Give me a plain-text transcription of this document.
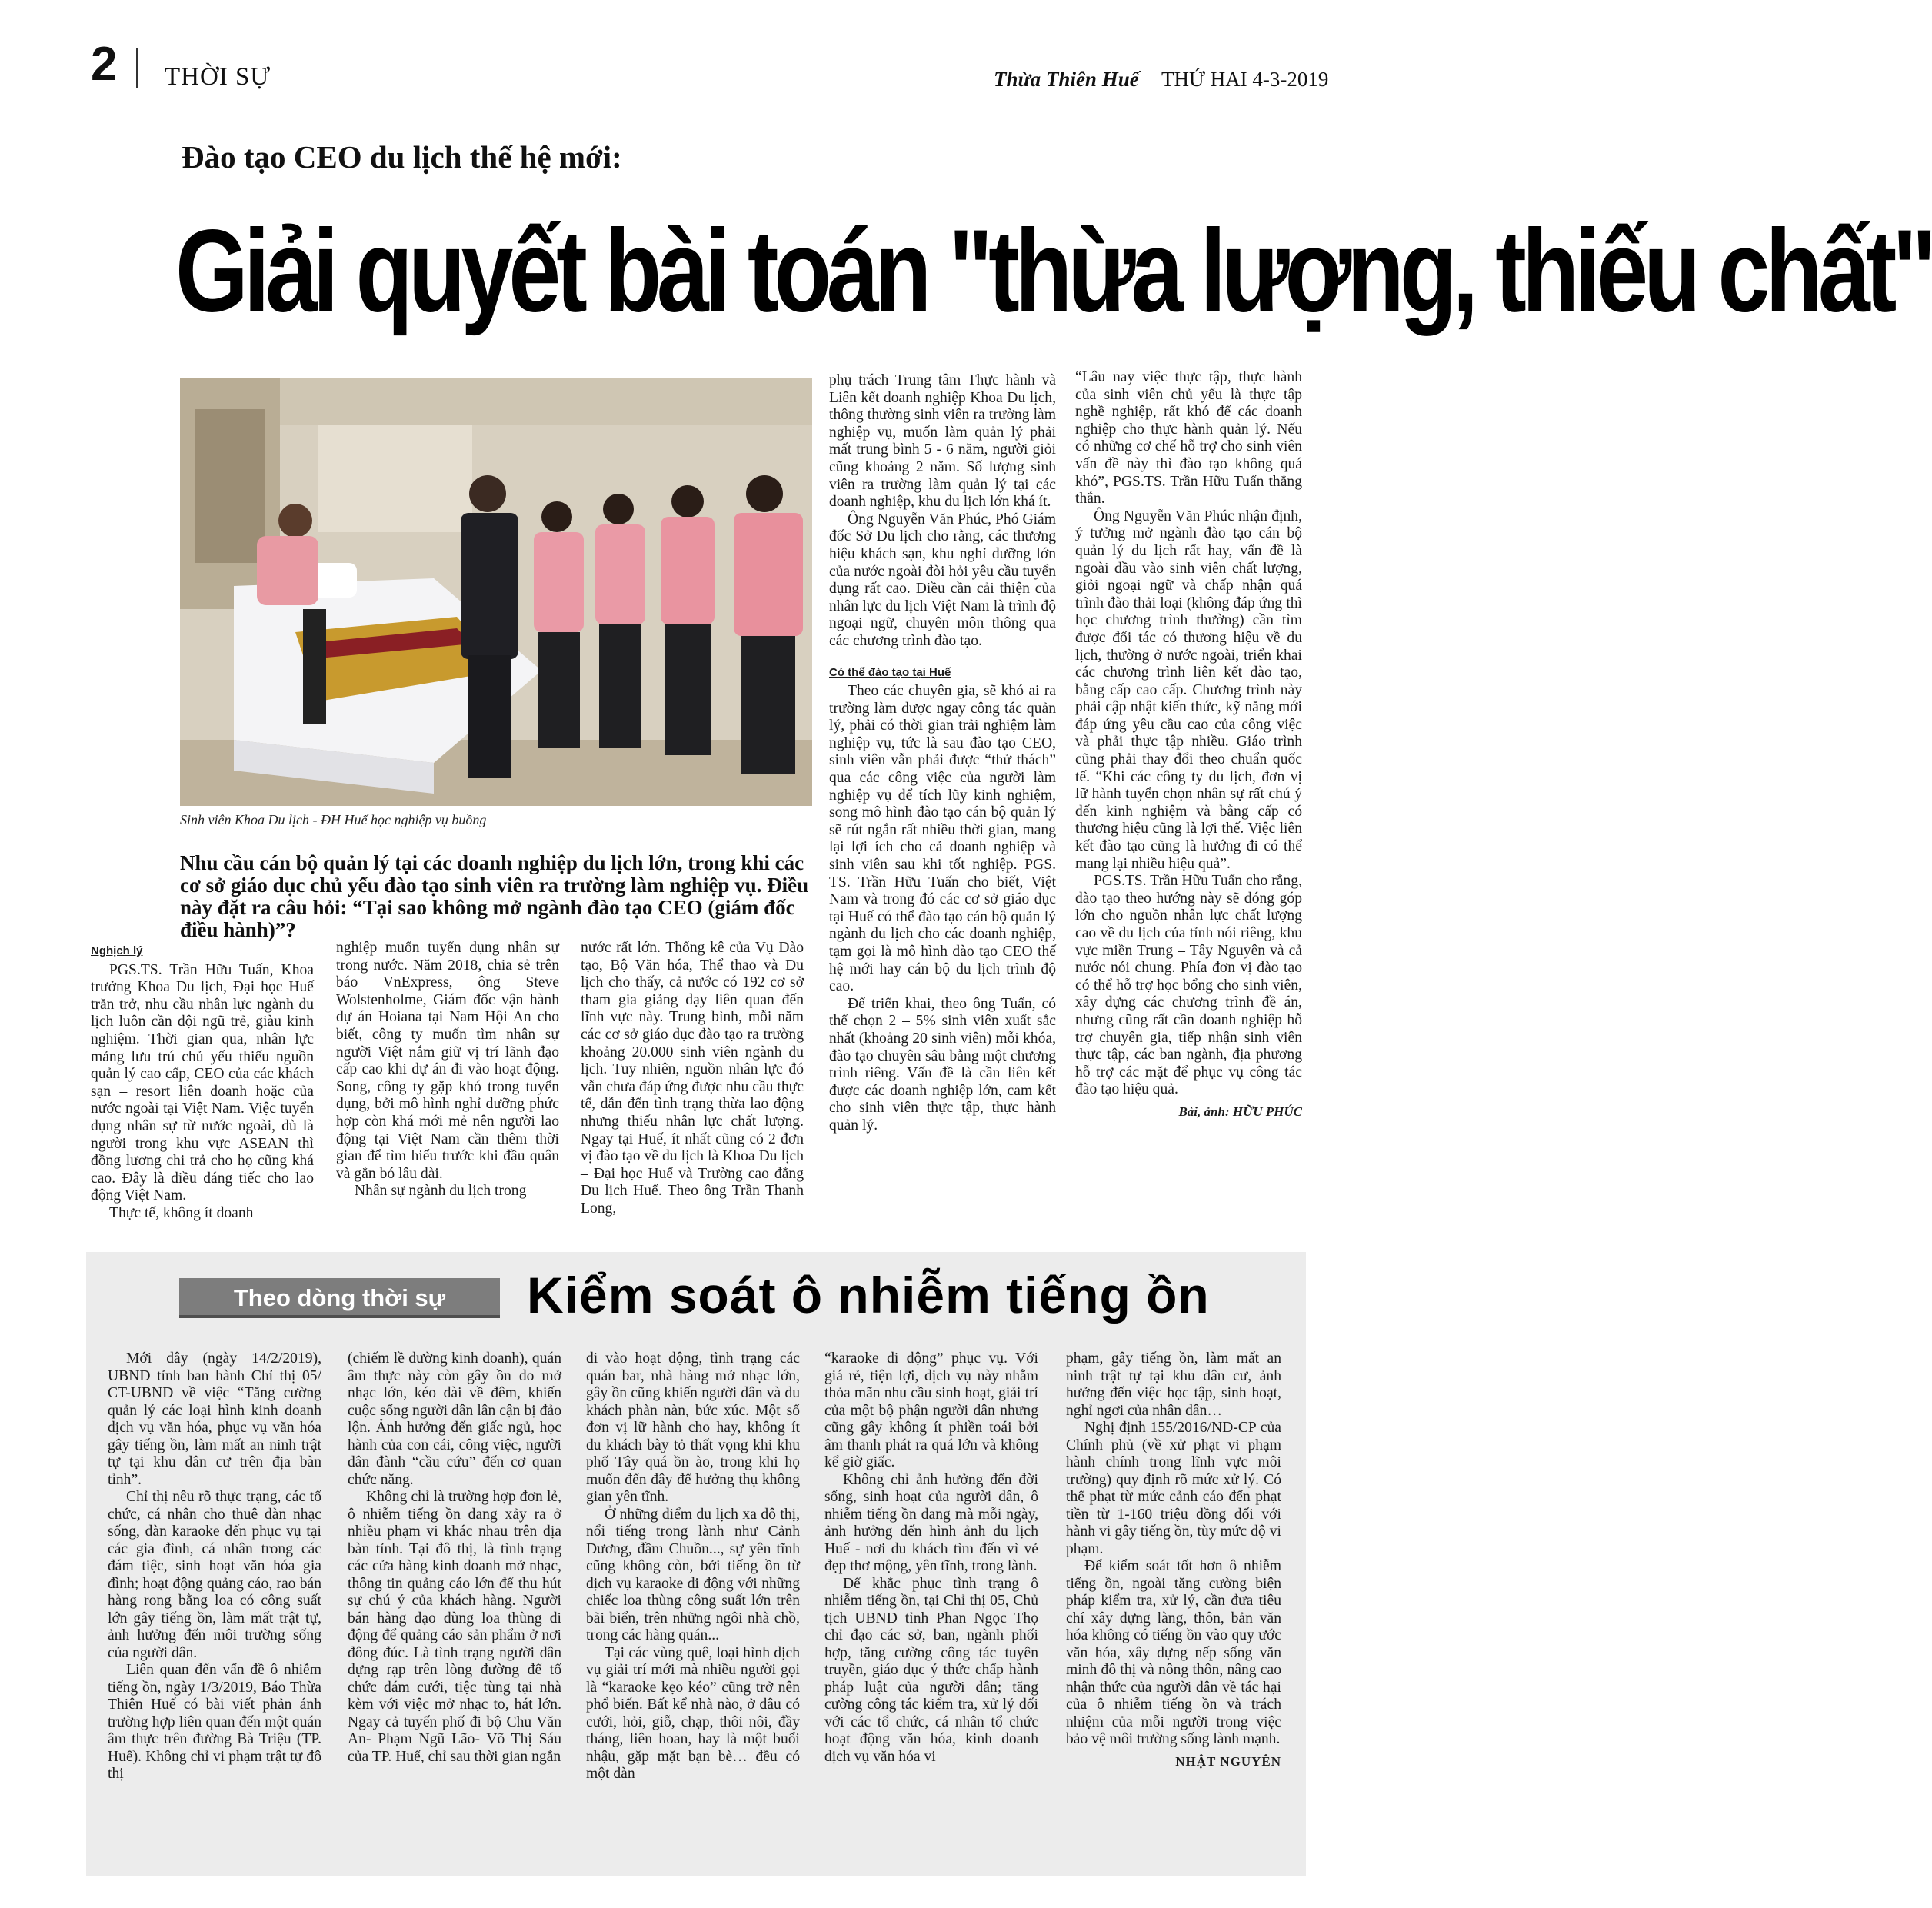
2 THỜI SỰ	Thừa Thiên Huế THỨ HAI 4-3-2019
Đào tạo CEO du lịch thế hệ mới:
Giải quyết bài toán "thừa lượng, thiếu chất"
Sinh viên Khoa Du lịch - ĐH Huế học nghiệp vụ buồng
Nhu cầu cán bộ quản lý tại các doanh nghiệp du lịch lớn, trong khi các cơ sở giáo dục chủ yếu đào tạo sinh viên ra trường làm nghiệp vụ. Điều này đặt ra câu hỏi: “Tại sao không mở ngành đào tạo CEO (giám đốc điều hành)”?

Nghịch lý

PGS.TS. Trần Hữu Tuấn, Khoa trưởng Khoa Du lịch, Đại học Huế trăn trở, nhu cầu nhân lực ngành du lịch luôn cần đội ngũ trẻ, giàu kinh nghiệm. Thời gian qua, nhân lực mảng lưu trú chủ yếu thiếu nguồn quản lý cao cấp, CEO của các khách sạn – resort liên doanh hoặc của nước ngoài tại Việt Nam. Việc tuyển dụng nhân sự từ nước ngoài, dù là người trong khu vực ASEAN thì đồng lương chi trả cho họ cũng khá cao. Đây là điều đáng tiếc cho lao động Việt Nam.

Thực tế, không ít doanh

nghiệp muốn tuyển dụng nhân sự trong nước. Năm 2018, chia sẻ trên báo VnExpress, ông Steve Wolstenholme, Giám đốc vận hành dự án Hoiana tại Nam Hội An cho biết, công ty muốn tìm nhân sự người Việt nắm giữ vị trí lãnh đạo cấp cao khi dự án đi vào hoạt động. Song, công ty gặp khó trong tuyển dụng, bởi mô hình nghỉ dưỡng phức hợp còn khá mới mẻ nên người lao động tại Việt Nam cần thêm thời gian để tìm hiểu trước khi đầu quân và gắn bó lâu dài.

Nhân sự ngành du lịch trong

nước rất lớn. Thống kê của Vụ Đào tạo, Bộ Văn hóa, Thể thao và Du lịch cho thấy, cả nước có 192 cơ sở tham gia giảng dạy liên quan đến lĩnh vực này. Trung bình, mỗi năm các cơ sở giáo dục đào tạo ra trường khoảng 20.000 sinh viên ngành du lịch. Tuy nhiên, nguồn nhân lực đó vẫn chưa đáp ứng được nhu cầu thực tế, dẫn đến tình trạng thừa lao động nhưng thiếu nhân lực chất lượng. Ngay tại Huế, ít nhất cũng có 2 đơn vị đào tạo về du lịch là Khoa Du lịch – Đại học Huế và Trường cao đẳng Du lịch Huế. Theo ông Trần Thanh Long,

phụ trách Trung tâm Thực hành và Liên kết doanh nghiệp Khoa Du lịch, thông thường sinh viên ra trường làm nghiệp vụ, muốn làm quản lý phải mất trung bình 5 - 6 năm, người giỏi cũng khoảng 2 năm. Số lượng sinh viên ra trường làm quản lý tại các doanh nghiệp, khu du lịch lớn khá ít.

Ông Nguyễn Văn Phúc, Phó Giám đốc Sở Du lịch cho rằng, các thương hiệu khách sạn, khu nghỉ dưỡng lớn của nước ngoài đòi hỏi yêu cầu tuyển dụng rất cao. Điều cần cải thiện của nhân lực du lịch Việt Nam là trình độ ngoại ngữ, chuyên môn thông qua các chương trình đào tạo.

Có thể đào tạo tại Huế

Theo các chuyên gia, sẽ khó ai ra trường làm được ngay công tác quản lý, phải có thời gian trải nghiệm làm nghiệp vụ, tức là sau đào tạo CEO, sinh viên vẫn phải được “thử thách” qua các công việc của người làm nghiệp vụ để tích lũy kinh nghiệm, song mô hình đào tạo cán bộ quản lý sẽ rút ngắn rất nhiều thời gian, mang lại lợi ích cho cả doanh nghiệp và sinh viên sau khi tốt nghiệp. PGS. TS. Trần Hữu Tuấn cho biết, Việt Nam và trong đó các cơ sở giáo dục tại Huế có thể đào tạo cán bộ quản lý ngành du lịch cho các doanh nghiệp, tạm gọi là mô hình đào tạo CEO thế hệ mới hay cán bộ du lịch trình độ cao.

Để triển khai, theo ông Tuấn, có thể chọn 2 – 5% sinh viên xuất sắc nhất (khoảng 20 sinh viên) mỗi khóa, đào tạo chuyên sâu bằng một chương trình riêng. Vấn đề là cần liên kết được các doanh nghiệp lớn, cam kết cho sinh viên thực tập, thực hành quản lý.

“Lâu nay việc thực tập, thực hành của sinh viên chủ yếu là thực tập nghề nghiệp, rất khó để các doanh nghiệp cho thực hành quản lý. Nếu có những cơ chế hỗ trợ cho sinh viên vấn đề này thì đào tạo không quá khó”, PGS.TS. Trần Hữu Tuấn thẳng thắn.

Ông Nguyễn Văn Phúc nhận định, ý tưởng mở ngành đào tạo cán bộ quản lý du lịch rất hay, vấn đề là ngoài đầu vào sinh viên chất lượng, giỏi ngoại ngữ và chấp nhận quá trình đào thải loại (không đáp ứng thì học chương trình thường) cần tìm được đối tác có thương hiệu về du lịch, thường ở nước ngoài, triển khai các chương trình liên kết đào tạo, bằng cấp cao cấp. Chương trình này phải cập nhật kiến thức, kỹ năng mới đáp ứng yêu cầu cao của công việc và phải thực tập nhiều. Giáo trình cũng phải thay đổi theo chuẩn quốc tế. “Khi các công ty du lịch, đơn vị lữ hành tuyển chọn nhân sự rất chú ý đến kinh nghiệm và bằng cấp có thương hiệu cũng là lợi thế. Việc liên kết đào tạo cũng là hướng đi có thể mang lại nhiều hiệu quả”.

PGS.TS. Trần Hữu Tuấn cho rằng, đào tạo theo hướng này sẽ đóng góp lớn cho nguồn nhân lực chất lượng cao về du lịch của tỉnh nói riêng, khu vực miền Trung – Tây Nguyên và cả nước nói chung. Phía đơn vị đào tạo có thể hỗ trợ học bổng cho sinh viên, xây dựng các chương trình đề án, nhưng cũng rất cần doanh nghiệp hỗ trợ chuyên gia, tiếp nhận sinh viên thực tập, các ban ngành, địa phương hỗ trợ các mặt để phục vụ công tác đào tạo hiệu quả.

Bài, ảnh: HỮU PHÚC

Theo dòng thời sự	Kiểm soát ô nhiễm tiếng ồn

Mới đây (ngày 14/2/2019), UBND tỉnh ban hành Chỉ thị 05/ CT-UBND về việc “Tăng cường quản lý các loại hình kinh doanh dịch vụ văn hóa, phục vụ văn hóa gây tiếng ồn, làm mất an ninh trật tự tại khu dân cư trên địa bàn tỉnh”.

Chỉ thị nêu rõ thực trạng, các tổ chức, cá nhân cho thuê dàn nhạc sống, dàn karaoke đến phục vụ tại các gia đình, cá nhân trong các đám tiệc, sinh hoạt văn hóa gia đình; hoạt động quảng cáo, rao bán hàng rong bằng loa có công suất lớn gây tiếng ồn, làm mất trật tự, ảnh hưởng đến môi trường sống của người dân.

Liên quan đến vấn đề ô nhiễm tiếng ồn, ngày 1/3/2019, Báo Thừa Thiên Huế có bài viết phản ánh trường hợp liên quan đến một quán âm thực trên đường Bà Triệu (TP. Huế). Không chỉ vi phạm trật tự đô thị

(chiếm lề đường kinh doanh), quán âm thực này còn gây ồn do mở nhạc lớn, kéo dài về đêm, khiến cuộc sống người dân lân cận bị đảo lộn. Ảnh hưởng đến giấc ngủ, học hành của con cái, công việc, người dân đành “cầu cứu” đến cơ quan chức năng.

Không chỉ là trường hợp đơn lẻ, ô nhiễm tiếng ồn đang xảy ra ở nhiều phạm vi khác nhau trên địa bàn tỉnh. Tại đô thị, là tình trạng các cửa hàng kinh doanh mở nhạc, thông tin quảng cáo lớn để thu hút sự chú ý của khách hàng. Người bán hàng dạo dùng loa thùng di động để quảng cáo sản phẩm ở nơi đông đúc. Là tình trạng người dân dựng rạp trên lòng đường để tổ chức đám cưới, tiệc tùng tại nhà kèm với việc mở nhạc to, hát lớn. Ngay cả tuyến phố đi bộ Chu Văn An- Phạm Ngũ Lão- Võ Thị Sáu của TP. Huế, chỉ sau thời gian ngắn

đi vào hoạt động, tình trạng các quán bar, nhà hàng mở nhạc lớn, gây ồn cũng khiến người dân và du khách phàn nàn, bức xúc. Một số đơn vị lữ hành cho hay, không ít du khách bày tỏ thất vọng khi khu phố Tây quá ồn ào, trong khi họ muốn đến đây để hưởng thụ không gian yên tĩnh.

Ở những điểm du lịch xa đô thị, nổi tiếng trong lành như Cảnh Dương, đầm Chuồn..., sự yên tĩnh cũng không còn, bởi tiếng ồn từ dịch vụ karaoke di động với những chiếc loa thùng công suất lớn trên bãi biển, trên những ngôi nhà chồ, trong các hàng quán...

Tại các vùng quê, loại hình dịch vụ giải trí mới mà nhiều người gọi là “karaoke kẹo kéo” cũng trở nên phổ biến. Bất kể nhà nào, ở đâu có cưới, hỏi, giỗ, chạp, thôi nôi, đầy tháng, liên hoan, hay là một buổi nhậu, gặp mặt bạn bè… đều có một dàn

“karaoke di động” phục vụ. Với giá rẻ, tiện lợi, dịch vụ này nhằm thỏa mãn nhu cầu sinh hoạt, giải trí của một bộ phận người dân nhưng cũng gây không ít phiền toái bởi âm thanh phát ra quá lớn và không kể giờ giấc.

Không chỉ ảnh hưởng đến đời sống, sinh hoạt của người dân, ô nhiễm tiếng ồn đang mà mỗi ngày, ảnh hưởng đến hình ảnh du lịch Huế - nơi du khách tìm đến vì vẻ đẹp thơ mộng, yên tĩnh, trong lành.

Để khắc phục tình trạng ô nhiễm tiếng ồn, tại Chỉ thị 05, Chủ tịch UBND tỉnh Phan Ngọc Thọ chỉ đạo các sở, ban, ngành phối hợp, tăng cường công tác tuyên truyền, giáo dục ý thức chấp hành pháp luật của người dân; tăng cường công tác kiểm tra, xử lý đối với các tổ chức, cá nhân tổ chức hoạt động văn hóa, kinh doanh dịch vụ văn hóa vi

phạm, gây tiếng ồn, làm mất an ninh trật tự tại khu dân cư, ảnh hưởng đến việc học tập, sinh hoạt, nghỉ ngơi của nhân dân…

Nghị định 155/2016/NĐ-CP của Chính phủ (về xử phạt vi phạm hành chính trong lĩnh vực môi trường) quy định rõ mức xử lý. Có thể phạt từ mức cảnh cáo đến phạt tiền từ 1-160 triệu đồng đối với hành vi gây tiếng ồn, tùy mức độ vi phạm.

Để kiểm soát tốt hơn ô nhiễm tiếng ồn, ngoài tăng cường biện pháp kiểm tra, xử lý, cần đưa tiêu chí xây dựng làng, thôn, bản văn hóa không có tiếng ồn vào quy ước văn hóa, xây dựng nếp sống văn minh đô thị và nông thôn, nâng cao nhận thức của người dân về tác hại của ô nhiễm tiếng ồn và trách nhiệm của mỗi người trong việc bảo vệ môi trường sống lành mạnh.

NHẬT NGUYÊN
